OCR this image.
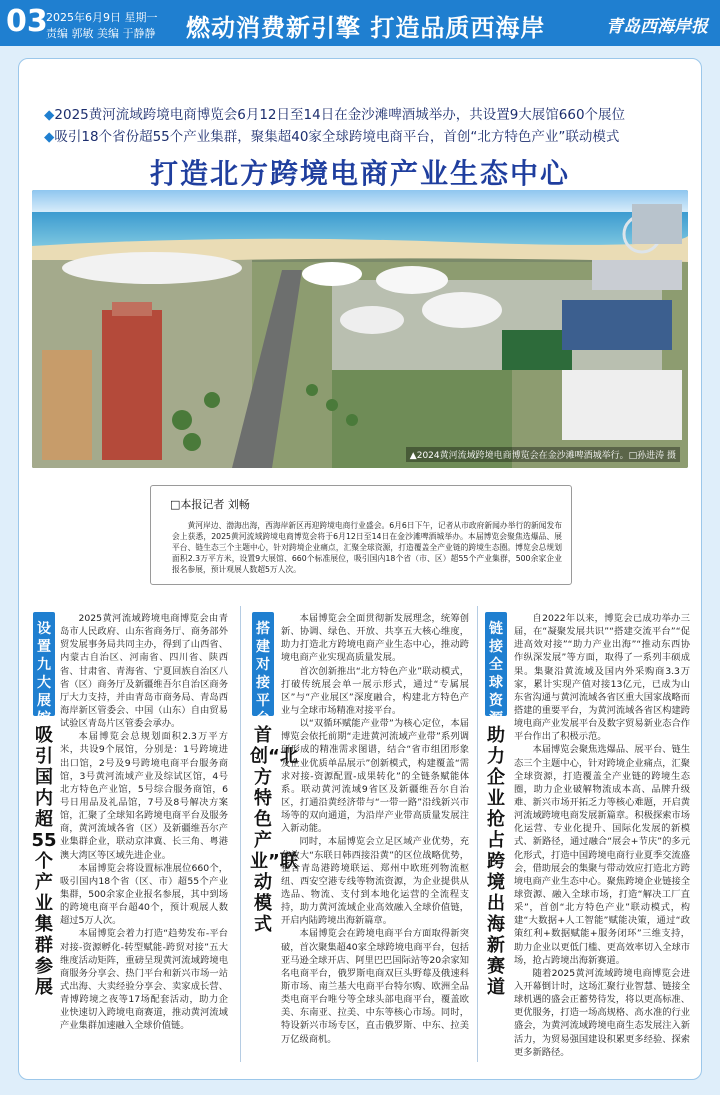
03
2025年6月9日 星期一
责编 郭敏 美编 于静静 燃动消费新引擎 打造品质西海岸	青岛西海岸报
◆2025黄河流域跨境电商博览会6月12日至14日在金沙滩啤酒城举办，共设置9大展馆660个展位
◆吸引18个省份超55个产业集群，聚集超40家全球跨境电商平台，首创“北方特色产业”联动模式
打造北方跨境电商产业生态中心
▲2024黄河流域跨境电商博览会在金沙滩啤酒城举行。□孙进涛 摄
□本报记者 刘畅
黄河岸边、渤海出海，西海岸新区再迎跨境电商行业盛会。6月6日下午，记者从市政府新闻办举行的新闻发布会上获悉，2025黄河流域跨境电商博览会将于6月12日至14日在金沙滩啤酒城举办。本届博览会聚焦选爆品、展平台、链生态三个主题中心，针对跨境企业痛点，汇聚全球资源，打造覆盖全产业链的跨境生态圈。博览会总规划面积2.3万平方米，设置9大展馆、660个标准展位，吸引国内18个省（市、区）超55个产业集群，500余家企业报名参展，预计观展人数超5万人次。
设置九大展馆
吸引国内超55个产业集群参展

2025黄河流域跨境电商博览会由青岛市人民政府、山东省商务厅、商务部外贸发展事务局共同主办，得到了山西省、内蒙古自治区、河南省、四川省、陕西省、甘肃省、青海省、宁夏回族自治区八省（区）商务厅及新疆维吾尔自治区商务厅大力支持，并由青岛市商务局、青岛西海岸新区管委会、中国（山东）自由贸易试验区青岛片区管委会承办。

本届博览会总规划面积2.3万平方米，共设9个展馆，分别是：1号跨境进出口馆，2号及9号跨境电商平台服务商馆，3号黄河流域产业及综试区馆，4号北方特色产业馆，5号综合服务商馆，6号日用品及礼品馆，7号及8号解决方案馆，汇聚了全球知名跨境电商平台及服务商，黄河流域各省（区）及新疆维吾尔产业集群企业，联动京津冀、长三角、粤港澳大湾区等区域先进企业。

本届博览会将设置标准展位660个，吸引国内18个省（区、市）超55个产业集群，500余家企业报名参展，其中到场的跨境电商平台超40个，预计观展人数超过5万人次。

本届博览会着力打造“趋势发布-平台对接-资源孵化-转型赋能-跨贸对接”五大维度活动矩阵，重磅呈现黄河流域跨境电商服务分享会、热门平台和新兴市场一站式出海、大卖经验分享会、卖家成长营、青博跨境之夜等17场配套活动，助力企业快速切入跨境电商赛道，推动黄河流域产业集群加速融入全球价值链。

搭建对接平台
首创“北方特色产业”联动模式

本届博览会全面贯彻新发展理念，统筹创新、协调、绿色、开放、共享五大核心维度，助力打造北方跨境电商产业生态中心，推动跨境电商产业实现高质量发展。

首次创新推出“北方特色产业”联动模式，打破传统展会单一展示形式，通过“专属展区”与“产业展区”深度融合，构建北方特色产业与全球市场精准对接平台。

以“双循环赋能产业带”为核心定位，本届博览会依托前期“走进黄河流域产业带”系列调研形成的精准需求图谱，结合“省市组团形象及企业优质单品展示”创新模式，构建覆盖“需求对接-资源配置-成果转化”的全链条赋能体系。联动黄河流域9省区及新疆维吾尔自治区，打通沿黄经济带与“一带一路”沿线新兴市场等的双向通道，为沿岸产业带高质量发展注入新动能。

同时，本届博览会立足区域产业优势，充分放大“东联日韩西接沿黄”的区位战略优势，整合青岛港跨境联运、郑州中欧班列物流枢纽、西安空港专线等物流资源，为企业提供从选品、物流、支付到本地化运营的全流程支持，助力黄河流域企业高效融入全球价值链，开启内陆跨境出海新篇章。

本届博览会在跨境电商平台方面取得新突破，首次聚集超40家全球跨境电商平台，包括亚马逊全球开店、阿里巴巴国际站等20余家知名电商平台，俄罗斯电商双巨头野莓及俄速科斯市场、南兰基大电商平台特尔购、欧洲全品类电商平台唯兮等全球头部电商平台，覆盖欧美、东南亚、拉美、中东等核心市场。同时，特设新兴市场专区，直击俄罗斯、中东、拉美万亿级商机。

链接全球资源
助力企业抢占跨境出海新赛道

自2022年以来，博览会已成功举办三届，在“凝聚发展共识”“搭建交流平台”“促进高效对接”“助力产业出海”“推动东西协作纵深发展”等方面，取得了一系列丰硕成果。集聚沿黄流域及国内外采购商3.3万家，累计实现产值对接13亿元，已成为山东省沟通与黄河流域各省区重大国家战略而搭建的重要平台，为黄河流域各省区构建跨境电商产业发展平台及数字贸易新业态合作平台作出了积极示范。

本届博览会聚焦选爆品、展平台、链生态三个主题中心，针对跨境企业痛点，汇聚全球资源，打造覆盖全产业链的跨境生态圈，助力企业破解物流成本高、品牌升级难、新兴市场开拓乏力等核心难题，开启黄河流域跨境电商发展新篇章。积极探索市场化运营、专业化提升、国际化发展的新模式、新路径，通过融合“展会+节庆”的多元化形式，打造中国跨境电商行业夏季交流盛会，借助展会的集聚与带动效应打造北方跨境电商产业生态中心。聚焦跨境企业链接全球资源、融入全球市场，打造“解决工厂直采”，首创“北方特色产业”联动模式，构建“大数据+人工智能”赋能决策，通过“政策红利+数据赋能+服务闭环”三维支持，助力企业以更低门槛、更高效率切入全球市场，抢占跨境出海新赛道。

随着2025黄河流域跨境电商博览会进入开幕倒计时，这场汇聚行业智慧、链接全球机遇的盛会正蓄势待发，将以更高标准、更优服务，打造一场高规格、高水准的行业盛会，为黄河流域跨境电商生态发展注入新活力，为贸易强国建设积累更多经验、探索更多新路径。
